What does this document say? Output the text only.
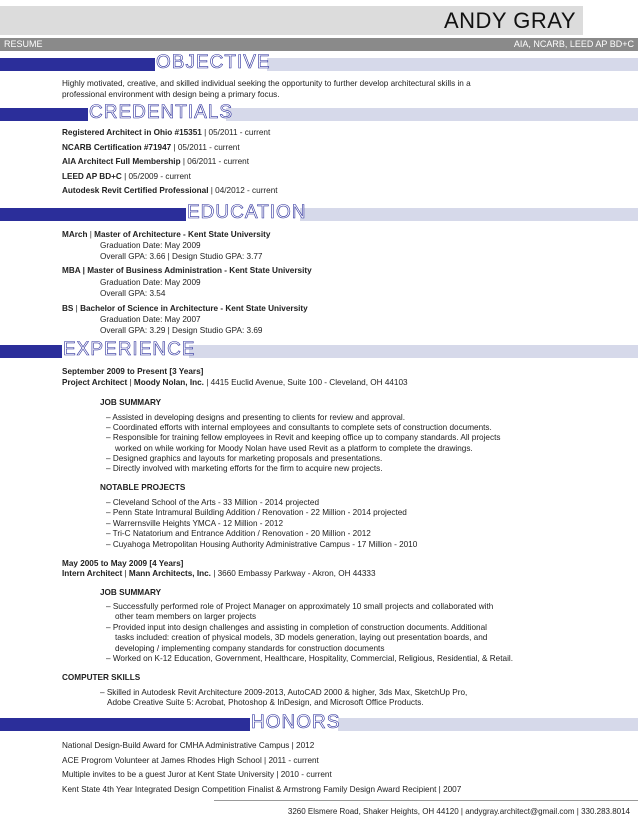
ANDY GRAY
RESUME	AIA, NCARB, LEED AP BD+C
OBJECTIVE
Highly motivated, creative, and skilled individual seeking the opportunity to further develop architectural skills in a
professional environment with design being a primary focus.
CREDENTIALS
Registered Architect in Ohio #15351 | 05/2011 - current
NCARB Certification #71947 | 05/2011 - current
AIA Architect Full Membership | 06/2011 - current
LEED AP BD+C | 05/2009 - current
Autodesk Revit Certified Professional | 04/2012 - current
EDUCATION
MArch | Master of Architecture - Kent State University
Graduation Date: May 2009
Overall GPA: 3.66 | Design Studio GPA: 3.77
MBA | Master of Business Administration - Kent State University
Graduation Date: May 2009
Overall GPA: 3.54
BS | Bachelor of Science in Architecture - Kent State University
Graduation Date: May 2007
Overall GPA: 3.29 | Design Studio GPA: 3.69
EXPERIENCE
September 2009 to Present [3 Years]
Project Architect | Moody Nolan, Inc. | 4415 Euclid Avenue, Suite 100 - Cleveland, OH 44103
JOB SUMMARY
– Assisted in developing designs and presenting to clients for review and approval.
– Coordinated efforts with internal employees and consultants to complete sets of construction documents.
– Responsible for training fellow employees in Revit and keeping office up to company standards. All projects
worked on while working for Moody Nolan have used Revit as a platform to complete the drawings.
– Designed graphics and layouts for marketing proposals and presentations.
– Directly involved with marketing efforts for the firm to acquire new projects.
NOTABLE PROJECTS
– Cleveland School of the Arts - 33 Million - 2014 projected
– Penn State Intramural Building Addition / Renovation - 22 Million - 2014 projected
– Warrernsville Heights YMCA - 12 Million - 2012
– Tri-C Natatorium and Entrance Addition / Renovation - 20 Million - 2012
– Cuyahoga Metropolitan Housing Authority Administrative Campus - 17 Million - 2010
May 2005 to May 2009 [4 Years]
Intern Architect | Mann Architects, Inc. | 3660 Embassy Parkway - Akron, OH 44333
JOB SUMMARY
– Successfully performed role of Project Manager on approximately 10 small projects and collaborated with
other team members on larger projects
– Provided input into design challenges and assisting in completion of construction documents. Additional
tasks included: creation of physical models, 3D models generation, laying out presentation boards, and
developing / implementing company standards for construction documents
– Worked on K-12 Education, Government, Healthcare, Hospitality, Commercial, Religious, Residential, & Retail.
COMPUTER SKILLS
– Skilled in Autodesk Revit Architecture 2009-2013, AutoCAD 2000 & higher, 3ds Max, SketchUp Pro,
Adobe Creative Suite 5: Acrobat, Photoshop & InDesign, and Microsoft Office Products.
HONORS
National Design-Build Award for CMHA Administrative Campus | 2012
ACE Progrom Volunteer at James Rhodes High School | 2011 - current
Multiple invites to be a guest Juror at Kent State University | 2010 - current
Kent State 4th Year Integrated Design Competition Finalist & Armstrong Family Design Award Recipient | 2007
3260 Elsmere Road, Shaker Heights, OH 44120 | andygray.architect@gmail.com | 330.283.8014
